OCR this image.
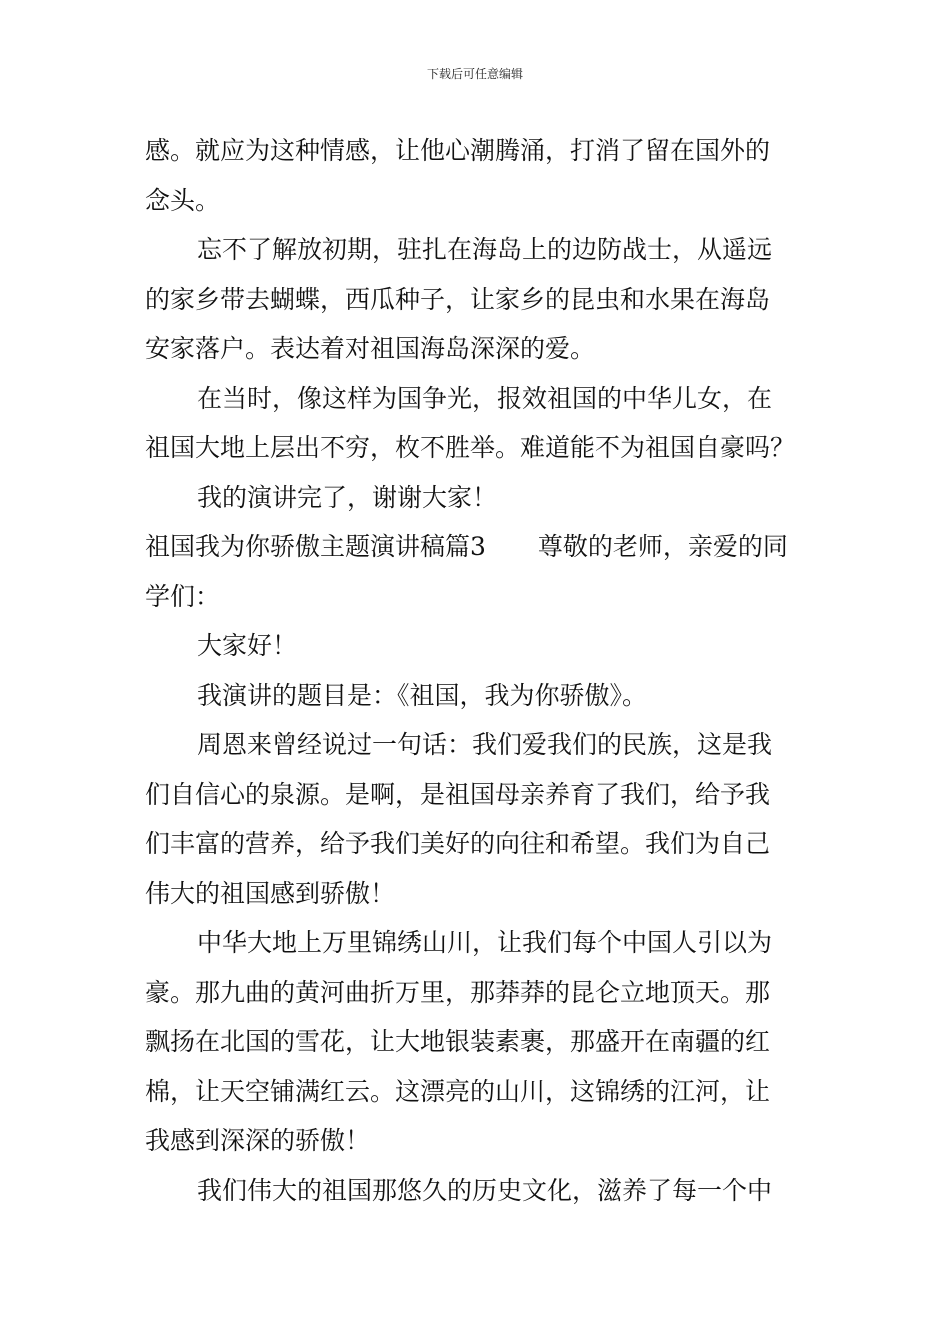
下载后可任意编辑
感。就应为这种情感，让他心潮腾涌，打消了留在国外的
念头。
忘不了解放初期，驻扎在海岛上的边防战士，从遥远
的家乡带去蝴蝶，西瓜种子，让家乡的昆虫和水果在海岛
安家落户。表达着对祖国海岛深深的爱。
在当时，像这样为国争光，报效祖国的中华儿女，在
祖国大地上层出不穷，枚不胜举。难道能不为祖国自豪吗？
我的演讲完了，谢谢大家！
祖国我为你骄傲主题演讲稿篇3 尊敬的老师，亲爱的同
学们：
大家好！
我演讲的题目是：《祖国，我为你骄傲》。
周恩来曾经说过一句话：我们爱我们的民族，这是我
们自信心的泉源。是啊，是祖国母亲养育了我们，给予我
们丰富的营养，给予我们美好的向往和希望。我们为自己
伟大的祖国感到骄傲！
中华大地上万里锦绣山川，让我们每个中国人引以为
豪。那九曲的黄河曲折万里，那莽莽的昆仑立地顶天。那
飘扬在北国的雪花，让大地银装素裹，那盛开在南疆的红
棉，让天空铺满红云。这漂亮的山川，这锦绣的江河，让
我感到深深的骄傲！
我们伟大的祖国那悠久的历史文化，滋养了每一个中
